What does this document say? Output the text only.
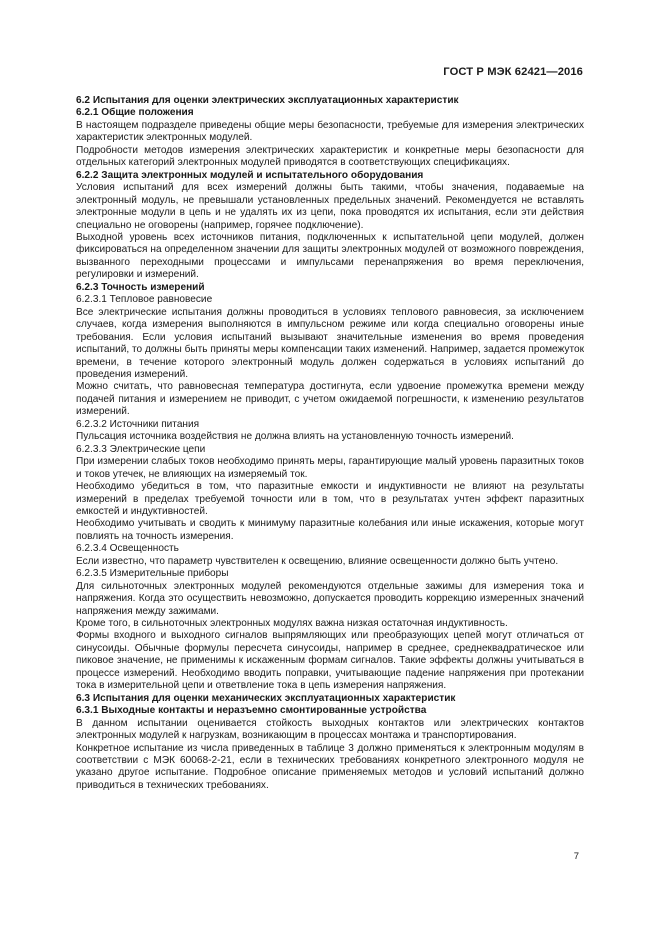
ГОСТ Р МЭК 62421—2016

6.2 Испытания для оценки электрических эксплуатационных характеристик

6.2.1 Общие положения

В настоящем подразделе приведены общие меры безопасности, требуемые для измерения электрических характеристик электронных модулей.

Подробности методов измерения электрических характеристик и конкретные меры безопасности для отдельных категорий электронных модулей приводятся в соответствующих спецификациях.

6.2.2 Защита электронных модулей и испытательного оборудования

Условия испытаний для всех измерений должны быть такими, чтобы значения, подаваемые на электронный модуль, не превышали установленных предельных значений. Рекомендуется не вставлять электронные модули в цепь и не удалять их из цепи, пока проводятся их испытания, если эти действия специально не оговорены (например, горячее подключение).

Выходной уровень всех источников питания, подключенных к испытательной цепи модулей, должен фиксироваться на определенном значении для защиты электронных модулей от возможного повреждения, вызванного переходными процессами и импульсами перенапряжения во время переключения, регулировки и измерений.

6.2.3 Точность измерений

6.2.3.1 Тепловое равновесие

Все электрические испытания должны проводиться в условиях теплового равновесия, за исключением случаев, когда измерения выполняются в импульсном режиме или когда специально оговорены иные требования. Если условия испытаний вызывают значительные изменения во время проведения испытаний, то должны быть приняты меры компенсации таких изменений. Например, задается промежуток времени, в течение которого электронный модуль должен содержаться в условиях испытаний до проведения измерений.

Можно считать, что равновесная температура достигнута, если удвоение промежутка времени между подачей питания и измерением не приводит, с учетом ожидаемой погрешности, к изменению результатов измерений.

6.2.3.2 Источники питания

Пульсация источника воздействия не должна влиять на установленную точность измерений.

6.2.3.3 Электрические цепи

При измерении слабых токов необходимо принять меры, гарантирующие малый уровень паразитных токов и токов утечек, не влияющих на измеряемый ток.

Необходимо убедиться в том, что паразитные емкости и индуктивности не влияют на результаты измерений в пределах требуемой точности или в том, что в результатах учтен эффект паразитных емкостей и индуктивностей.

Необходимо учитывать и сводить к минимуму паразитные колебания или иные искажения, которые могут повлиять на точность измерения.

6.2.3.4 Освещенность

Если известно, что параметр чувствителен к освещению, влияние освещенности должно быть учтено.

6.2.3.5 Измерительные приборы

Для сильноточных электронных модулей рекомендуются отдельные зажимы для измерения тока и напряжения. Когда это осуществить невозможно, допускается проводить коррекцию измеренных значений напряжения между зажимами.

Кроме того, в сильноточных электронных модулях важна низкая остаточная индуктивность.

Формы входного и выходного сигналов выпрямляющих или преобразующих цепей могут отличаться от синусоиды. Обычные формулы пересчета синусоиды, например в среднее, среднеквадратическое или пиковое значение, не применимы к искаженным формам сигналов. Такие эффекты должны учитываться в процессе измерений. Необходимо вводить поправки, учитывающие падение напряжения при протекании тока в измерительной цепи и ответвление тока в цепь измерения напряжения.

6.3 Испытания для оценки механических эксплуатационных характеристик

6.3.1 Выходные контакты и неразъемно смонтированные устройства

В данном испытании оценивается стойкость выходных контактов или электрических контактов электронных модулей к нагрузкам, возникающим в процессах монтажа и транспортирования.

Конкретное испытание из числа приведенных в таблице 3 должно применяться к электронным модулям в соответствии с МЭК 60068-2-21, если в технических требованиях конкретного электронного модуля не указано другое испытание. Подробное описание применяемых методов и условий испытаний должно приводиться в технических требованиях.

7
